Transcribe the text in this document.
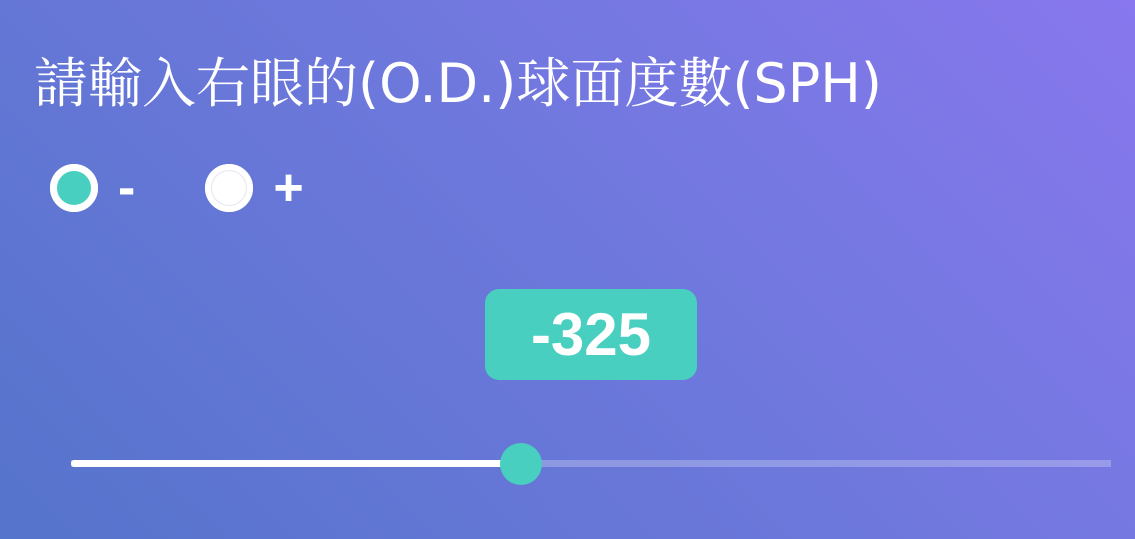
請輸入右眼的(O.D.)球面度數(SPH)
-	+
-325
